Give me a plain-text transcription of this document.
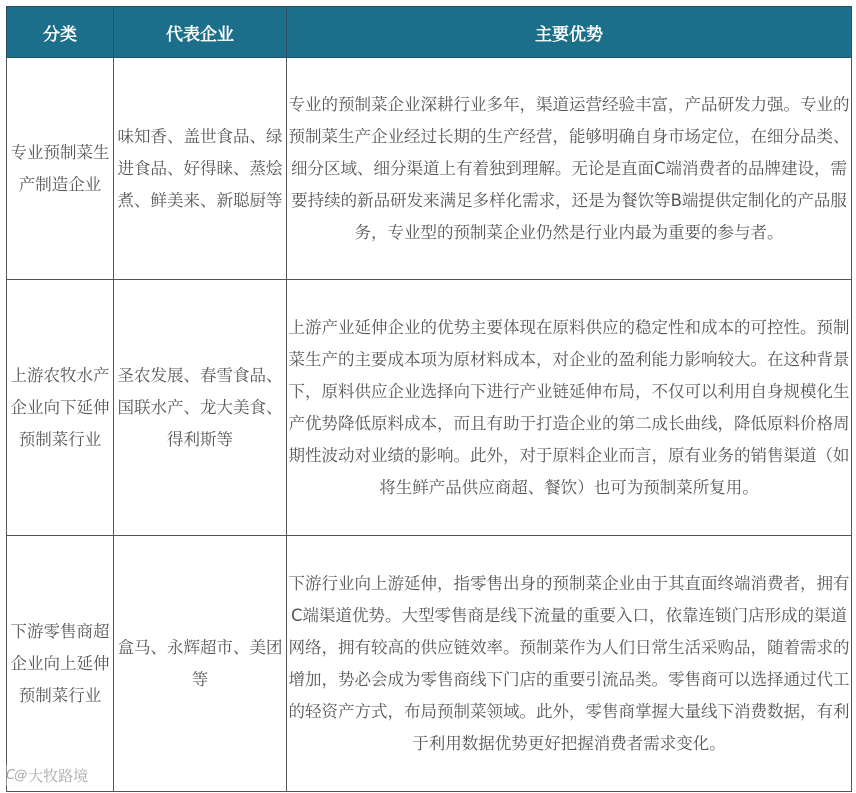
分类	代表企业	主要优势
专业预制菜生产制造企业	味知香、盖世食品、绿进食品、好得睐、蒸烩煮、鲜美来、新聪厨等	专业的预制菜企业深耕行业多年，渠道运营经验丰富，产品研发力强。专业的预制菜生产企业经过长期的生产经营，能够明确自身市场定位，在细分品类、细分区域、细分渠道上有着独到理解。无论是直面C端消费者的品牌建设，需要持续的新品研发来满足多样化需求，还是为餐饮等B端提供定制化的产品服务，专业型的预制菜企业仍然是行业内最为重要的参与者。
上游农牧水产企业向下延伸预制菜行业	圣农发展、春雪食品、国联水产、龙大美食、得利斯等	上游产业延伸企业的优势主要体现在原料供应的稳定性和成本的可控性。预制菜生产的主要成本项为原材料成本，对企业的盈利能力影响较大。在这种背景下，原料供应企业选择向下进行产业链延伸布局，不仅可以利用自身规模化生产优势降低原料成本，而且有助于打造企业的第二成长曲线，降低原料价格周期性波动对业绩的影响。此外，对于原料企业而言，原有业务的销售渠道（如将生鲜产品供应商超、餐饮）也可为预制菜所复用。
下游零售商超企业向上延伸预制菜行业	盒马、永辉超市、美团等	下游行业向上游延伸，指零售出身的预制菜企业由于其直面终端消费者，拥有C端渠道优势。大型零售商是线下流量的重要入口，依靠连锁门店形成的渠道网络，拥有较高的供应链效率。预制菜作为人们日常生活采购品，随着需求的增加，势必会成为零售商线下门店的重要引流品类。零售商可以选择通过代工的轻资产方式，布局预制菜领域。此外，零售商掌握大量线下消费数据，有利于利用数据优势更好把握消费者需求变化。
C@ 大牧路境
